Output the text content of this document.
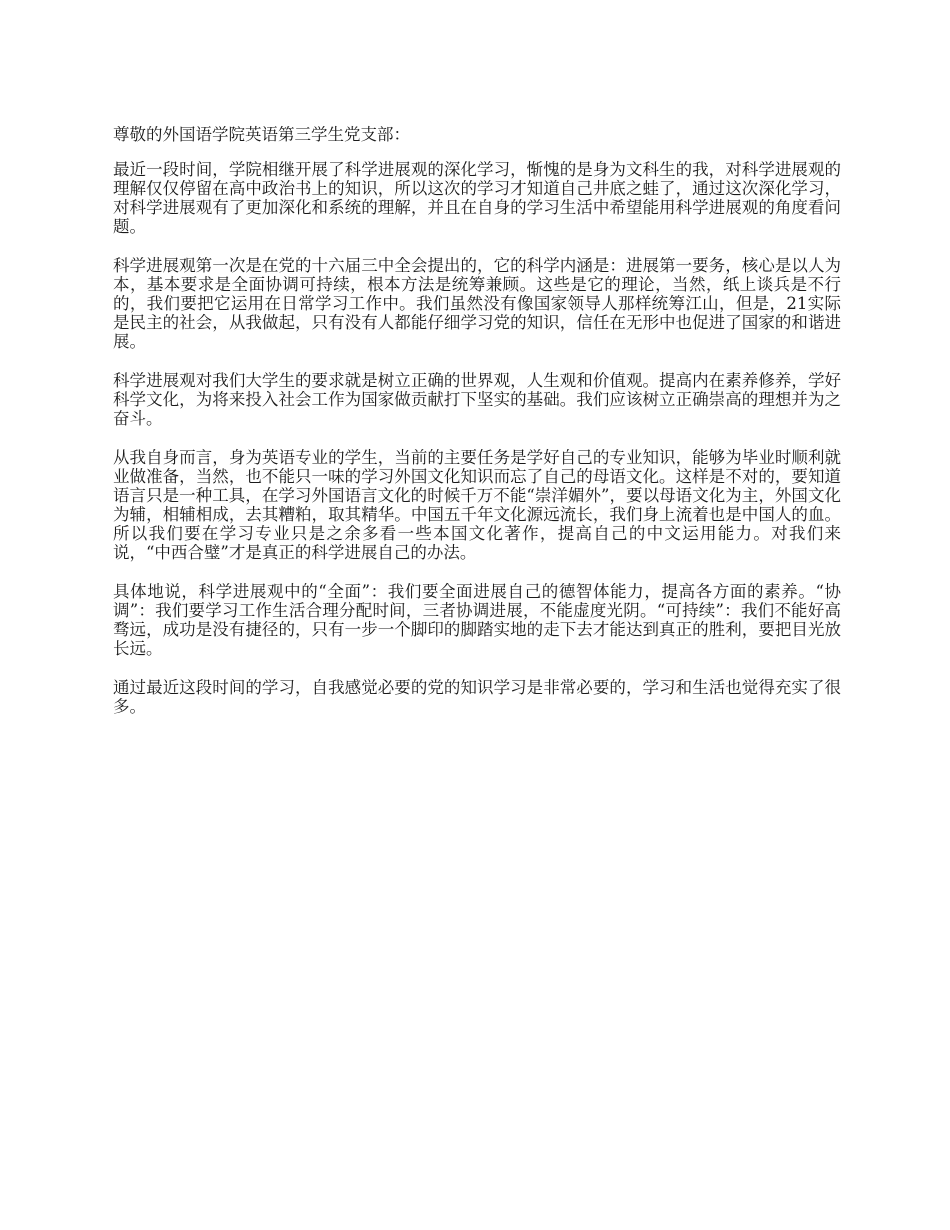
尊敬的外国语学院英语第三学生党支部：

最近一段时间，学院相继开展了科学进展观的深化学习，惭愧的是身为文科生的我，对科学进展观的理解仅仅停留在高中政治书上的知识，所以这次的学习才知道自己井底之蛙了，通过这次深化学习，对科学进展观有了更加深化和系统的理解，并且在自身的学习生活中希望能用科学进展观的角度看问题。

科学进展观第一次是在党的十六届三中全会提出的，它的科学内涵是：进展第一要务，核心是以人为本，基本要求是全面协调可持续，根本方法是统筹兼顾。这些是它的理论，当然，纸上谈兵是不行的，我们要把它运用在日常学习工作中。我们虽然没有像国家领导人那样统筹江山，但是，21实际是民主的社会，从我做起，只有没有人都能仔细学习党的知识，信任在无形中也促进了国家的和谐进展。

科学进展观对我们大学生的要求就是树立正确的世界观，人生观和价值观。提高内在素养修养，学好科学文化，为将来投入社会工作为国家做贡献打下坚实的基础。我们应该树立正确崇高的理想并为之奋斗。

从我自身而言，身为英语专业的学生，当前的主要任务是学好自己的专业知识，能够为毕业时顺利就业做准备，当然，也不能只一味的学习外国文化知识而忘了自己的母语文化。这样是不对的，要知道语言只是一种工具，在学习外国语言文化的时候千万不能“崇洋媚外”，要以母语文化为主，外国文化为辅，相辅相成，去其糟粕，取其精华。中国五千年文化源远流长，我们身上流着也是中国人的血。所以我们要在学习专业只是之余多看一些本国文化著作，提高自己的中文运用能力。对我们来说，“中西合璧”才是真正的科学进展自己的办法。

具体地说，科学进展观中的“全面”：我们要全面进展自己的德智体能力，提高各方面的素养。“协调”：我们要学习工作生活合理分配时间，三者协调进展，不能虚度光阴。“可持续”：我们不能好高骛远，成功是没有捷径的，只有一步一个脚印的脚踏实地的走下去才能达到真正的胜利，要把目光放长远。

通过最近这段时间的学习，自我感觉必要的党的知识学习是非常必要的，学习和生活也觉得充实了很多。
